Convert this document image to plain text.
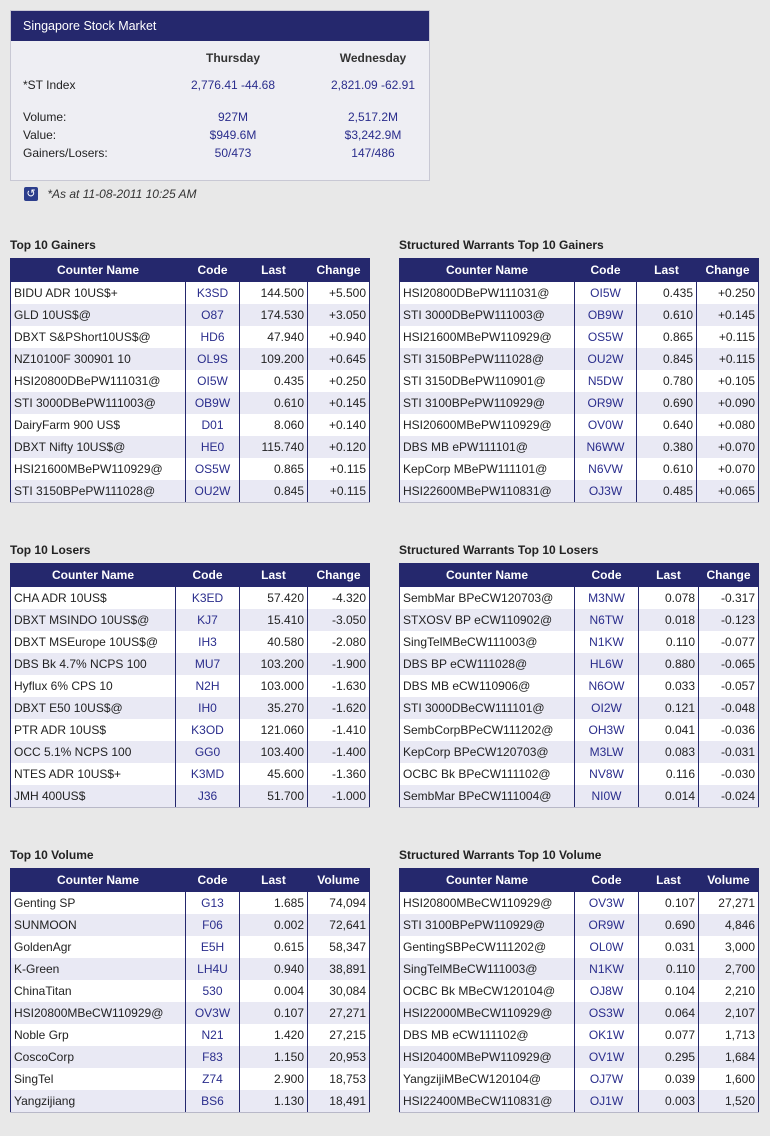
Singapore Stock Market
Thursday	Wednesday
*ST Index	2,776.41 -44.68	2,821.09 -62.91
Volume:	927M	2,517.2M
Value:	$949.6M	$3,242.9M
Gainers/Losers:	50/473	147/486
↺ *As at 11-08-2011 10:25 AM
Top 10 Gainers
Counter Name	Code	Last	Change
BIDU ADR 10US$+	K3SD	144.500	+5.500
GLD 10US$@	O87	174.530	+3.050
DBXT S&PShort10US$@	HD6	47.940	+0.940
NZ10100F 300901 10	OL9S	109.200	+0.645
HSI20800DBePW111031@	OI5W	0.435	+0.250
STI 3000DBePW111003@	OB9W	0.610	+0.145
DairyFarm 900 US$	D01	8.060	+0.140
DBXT Nifty 10US$@	HE0	115.740	+0.120
HSI21600MBePW110929@	OS5W	0.865	+0.115
STI 3150BPePW111028@	OU2W	0.845	+0.115
Structured Warrants Top 10 Gainers
Counter Name	Code	Last	Change
HSI20800DBePW111031@	OI5W	0.435	+0.250
STI 3000DBePW111003@	OB9W	0.610	+0.145
HSI21600MBePW110929@	OS5W	0.865	+0.115
STI 3150BPePW111028@	OU2W	0.845	+0.115
STI 3150DBePW110901@	N5DW	0.780	+0.105
STI 3100BPePW110929@	OR9W	0.690	+0.090
HSI20600MBePW110929@	OV0W	0.640	+0.080
DBS MB ePW111101@	N6WW	0.380	+0.070
KepCorp MBePW111101@	N6VW	0.610	+0.070
HSI22600MBePW110831@	OJ3W	0.485	+0.065
Top 10 Losers
Counter Name	Code	Last	Change
CHA ADR 10US$	K3ED	57.420	-4.320
DBXT MSINDO 10US$@	KJ7	15.410	-3.050
DBXT MSEurope 10US$@	IH3	40.580	-2.080
DBS Bk 4.7% NCPS 100	MU7	103.200	-1.900
Hyflux 6% CPS 10	N2H	103.000	-1.630
DBXT E50 10US$@	IH0	35.270	-1.620
PTR ADR 10US$	K3OD	121.060	-1.410
OCC 5.1% NCPS 100	GG0	103.400	-1.400
NTES ADR 10US$+	K3MD	45.600	-1.360
JMH 400US$	J36	51.700	-1.000
Structured Warrants Top 10 Losers
Counter Name	Code	Last	Change
SembMar BPeCW120703@	M3NW	0.078	-0.317
STXOSV BP eCW110902@	N6TW	0.018	-0.123
SingTelMBeCW111003@	N1KW	0.110	-0.077
DBS BP eCW111028@	HL6W	0.880	-0.065
DBS MB eCW110906@	N6OW	0.033	-0.057
STI 3000DBeCW111101@	OI2W	0.121	-0.048
SembCorpBPeCW111202@	OH3W	0.041	-0.036
KepCorp BPeCW120703@	M3LW	0.083	-0.031
OCBC Bk BPeCW111102@	NV8W	0.116	-0.030
SembMar BPeCW111004@	NI0W	0.014	-0.024
Top 10 Volume
Counter Name	Code	Last	Volume
Genting SP	G13	1.685	74,094
SUNMOON	F06	0.002	72,641
GoldenAgr	E5H	0.615	58,347
K-Green	LH4U	0.940	38,891
ChinaTitan	530	0.004	30,084
HSI20800MBeCW110929@	OV3W	0.107	27,271
Noble Grp	N21	1.420	27,215
CoscoCorp	F83	1.150	20,953
SingTel	Z74	2.900	18,753
Yangzijiang	BS6	1.130	18,491
Structured Warrants Top 10 Volume
Counter Name	Code	Last	Volume
HSI20800MBeCW110929@	OV3W	0.107	27,271
STI 3100BPePW110929@	OR9W	0.690	4,846
GentingSBPeCW111202@	OL0W	0.031	3,000
SingTelMBeCW111003@	N1KW	0.110	2,700
OCBC Bk MBeCW120104@	OJ8W	0.104	2,210
HSI22000MBeCW110929@	OS3W	0.064	2,107
DBS MB eCW111102@	OK1W	0.077	1,713
HSI20400MBePW110929@	OV1W	0.295	1,684
YangzijiMBeCW120104@	OJ7W	0.039	1,600
HSI22400MBeCW110831@	OJ1W	0.003	1,520
